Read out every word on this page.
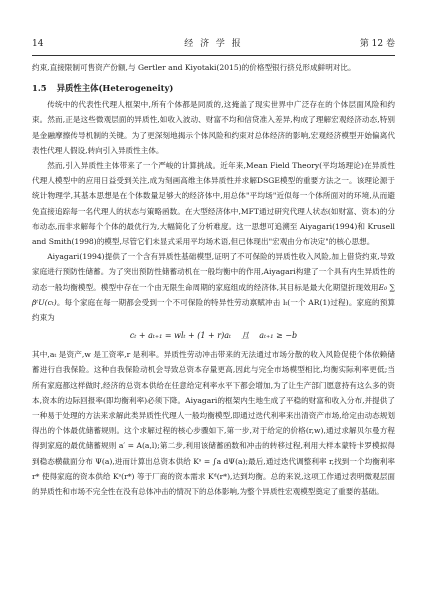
14	经 济 学 报	第 12 卷

约束,直接限制可售资产份额,与 Gertler and Kiyotaki(2015)的价格型银行挤兑形成鲜明对比。

1.5 异质性主体(Heterogeneity)

传统中的代表性代理人框架中,所有个体都是同质的,这掩盖了现实世界中广泛存在的个体层面风险和约束。然而,正是这些微观层面的异质性,如收入波动、财富不均和信贷准入差异,构成了理解宏观经济动态,特别是金融摩擦传导机制的关键。为了更深刻地揭示个体风险和约束对总体经济的影响,宏观经济模型开始偏离代表性代理人假设,转向引入异质性主体。

然而,引入异质性主体带来了一个严峻的计算挑战。近年来,Mean Field Theory(平均场理论)在异质性代理人模型中的应用日益受到关注,成为刻画高维主体异质性并求解DSGE模型的重要方法之一。该理论源于统计物理学,其基本思想是在个体数量足够大的经济体中,用总体"平均场"近似每一个体所面对的环境,从而避免直接追踪每一名代理人的状态与策略函数。在大型经济体中,MFT通过研究代理人状态(如财富、资本)的分布动态,而非求解每个个体的最优行为,大幅简化了分析难度。这一思想可追溯至 Aiyagari(1994)和 Krusell and Smith(1998)的模型,尽管它们未显式采用平均场术语,但已体现出"宏观由分布决定"的核心思想。

Aiyagari(1994)提供了一个含有异质性基础模型,证明了不可保险的异质性收入风险,加上借贷约束,导致家庭进行预防性储蓄。为了突出预防性储蓄动机在一般均衡中的作用,Aiyagari构建了一个具有内生异质性的动态一般均衡模型。模型中存在一个由无限生命周期的家庭组成的经济体,其目标是最大化期望折现效用E₀ ∑ βᵗU(cₜ)。每个家庭在每一期都会受到一个不可保险的特异性劳动禀赋冲击 lₜ(一个 AR(1)过程)。家庭的预算约束为

cₜ + aₜ₊₁ = wlₜ + (1 + r)aₜ    且    aₜ₊₁ ≥ −b

其中,aₜ 是资产,w 是工资率,r 是利率。异质性劳动冲击带来的无法通过市场分散的收入风险促使个体依赖储蓄进行自我保险。这种自我保险动机会导致总资本存量更高,因此与完全市场模型相比,均衡实际利率更低;当所有家庭都这样做时,经济的总资本供给在任意给定利率水平下都会增加,为了让生产部门愿意持有这么多的资本,资本的边际回报率(即均衡利率)必须下降。Aiyagari的框架内生地生成了平稳的财富和收入分布,并提供了一种易于处理的方法来求解此类异质性代理人一般均衡模型,即通过迭代利率来出清资产市场,给定由动态规划得出的个体最优储蓄规则。这个求解过程的核心步骤如下,第一步,对于给定的价格(r,w),通过求解贝尔曼方程得到家庭的最优储蓄规则 a′ = A(a,l);第二步,利用该储蓄函数和冲击的转移过程,利用大样本蒙特卡罗模拟得到稳态横截面分布 Ψ(a),进而计算出总资本供给 Kˢ = ∫a dΨ(a);最后,通过迭代调整利率 r,找到一个均衡利率 r* 使得家庭的资本供给 Kˢ(r*) 等于厂商的资本需求 Kᵈ(r*),达到均衡。总的来说,这项工作通过表明微观层面的异质性和市场不完全性在没有总体冲击的情况下的总体影响,为整个异质性宏观模型奠定了重要的基础。
